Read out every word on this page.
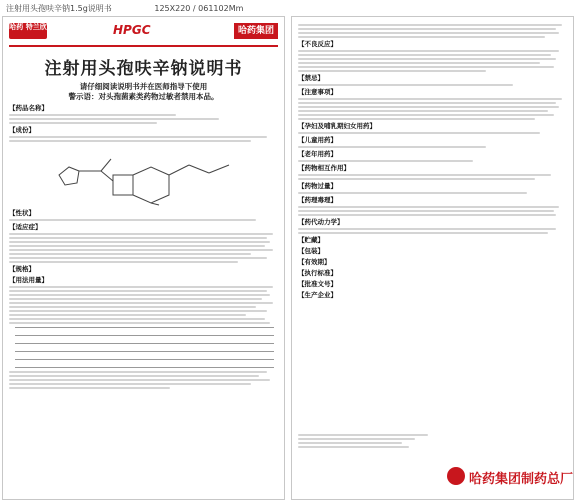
注射用头孢呋辛钠1.5g说明书	125X220 / 061102Mm
哈药 特兰欣	HPGC	哈药集团
注射用头孢呋辛钠说明书
请仔细阅读说明书并在医师指导下使用
警示语：对头孢菌素类药物过敏者禁用本品。
【药品名称】
【成份】
【性状】
【适应症】
【规格】
【用法用量】

【不良反应】
【禁忌】
【注意事项】
【孕妇及哺乳期妇女用药】
【儿童用药】
【老年用药】
【药物相互作用】
【药物过量】
【药理毒理】
【药代动力学】
【贮藏】
【包装】
【有效期】
【执行标准】
【批准文号】
【生产企业】
哈药集团制药总厂
